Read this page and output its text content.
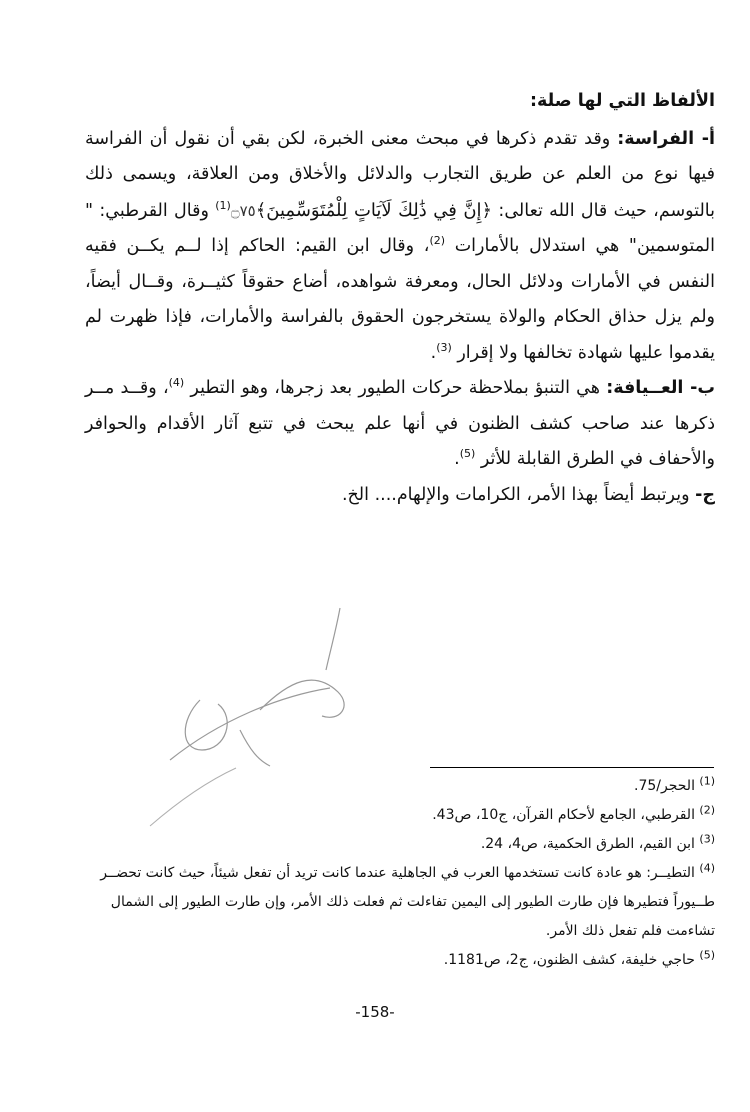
الألفاظ التي لها صلة:

أ- الفراسة: وقد تقدم ذكرها في مبحث معنى الخبرة، لكن بقي أن نقول أن الفراسة فيها نوع من العلم عن طريق التجارب والدلائل والأخلاق ومن العلاقة، ويسمى ذلك بالتوسم، حيث قال الله تعالى: ﴿إِنَّ فِي ذَٰلِكَ لَآيَاتٍ لِلْمُتَوَسِّمِينَ﴾۝٧٥$^{(1)}$ وقال القرطبي: " المتوسمين" هي استدلال بالأمارات $^{(2)}$، وقال ابن القيم: الحاكم إذا لــم يكــن فقيه النفس في الأمارات ودلائل الحال، ومعرفة شواهده، أضاع حقوقاً كثيــرة، وقــال أيضاً، ولم يزل حذاق الحكام والولاة يستخرجون الحقوق بالفراسة والأمارات، فإذا ظهرت لم يقدموا عليها شهادة تخالفها ولا إقرار $^{(3)}$.

ب- العــيافة: هي التنبؤ بملاحظة حركات الطيور بعد زجرها، وهو التطير $^{(4)}$، وقــد مــر ذكرها عند صاحب كشف الظنون في أنها علم يبحث في تتبع آثار الأقدام والحوافر والأحفاف في الطرق القابلة للأثر $^{(5)}$.

ج- ويرتبط أيضاً بهذا الأمر، الكرامات والإلهام.... الخ.

$^{(1)}$ الحجر/75.

$^{(2)}$ القرطبي، الجامع لأحكام القرآن، ج10، ص43.

$^{(3)}$ ابن القيم، الطرق الحكمية، ص4، 24.

$^{(4)}$ التطيــر: هو عادة كانت تستخدمها العرب في الجاهلية عندما كانت تريد أن تفعل شيئاً، حيث كانت تحضــر طــيوراً فتطيرها فإن طارت الطيور إلى اليمين تفاءلت ثم فعلت ذلك الأمر، وإن طارت الطيور إلى الشمال تشاءمت فلم تفعل ذلك الأمر.

$^{(5)}$ حاجي خليفة، كشف الظنون، ج2، ص1181.

-158-
